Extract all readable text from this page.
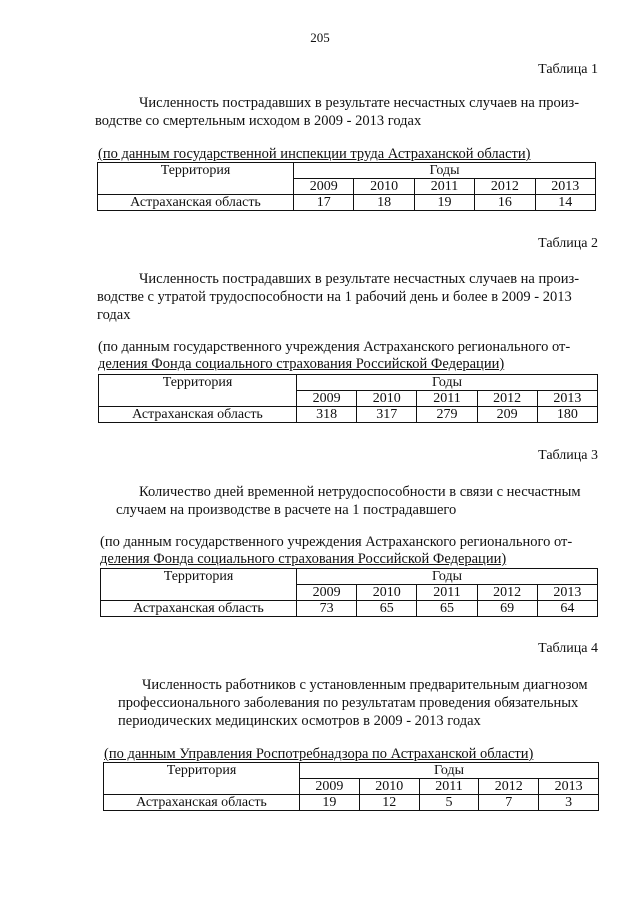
205
Таблица 1
Численность пострадавших в результате несчастных случаев на произ-
водстве со смертельным исходом в 2009 - 2013 годах
(по данным государственной инспекции труда Астраханской области)
Территория	Годы				
	2009	2010	2011	2012	2013
Астраханская область	17	18	19	16	14
Таблица 2
Численность пострадавших в результате несчастных случаев на произ-
водстве с утратой трудоспособности на 1 рабочий день и более в 2009 - 2013
годах
(по данным государственного учреждения Астраханского регионального от-
деления Фонда социального страхования Российской Федерации)
Территория	Годы				
	2009	2010	2011	2012	2013
Астраханская область	318	317	279	209	180
Таблица 3
Количество дней временной нетрудоспособности в связи с несчастным
случаем на производстве в расчете на 1 пострадавшего
(по данным государственного учреждения Астраханского регионального от-
деления Фонда социального страхования Российской Федерации)
Территория	Годы				
	2009	2010	2011	2012	2013
Астраханская область	73	65	65	69	64
Таблица 4
Численность работников с установленным предварительным диагнозом
профессионального заболевания по результатам проведения обязательных
периодических медицинских осмотров в 2009 - 2013 годах
(по данным Управления Роспотребнадзора по Астраханской области)
Территория	Годы				
	2009	2010	2011	2012	2013
Астраханская область	19	12	5	7	3
